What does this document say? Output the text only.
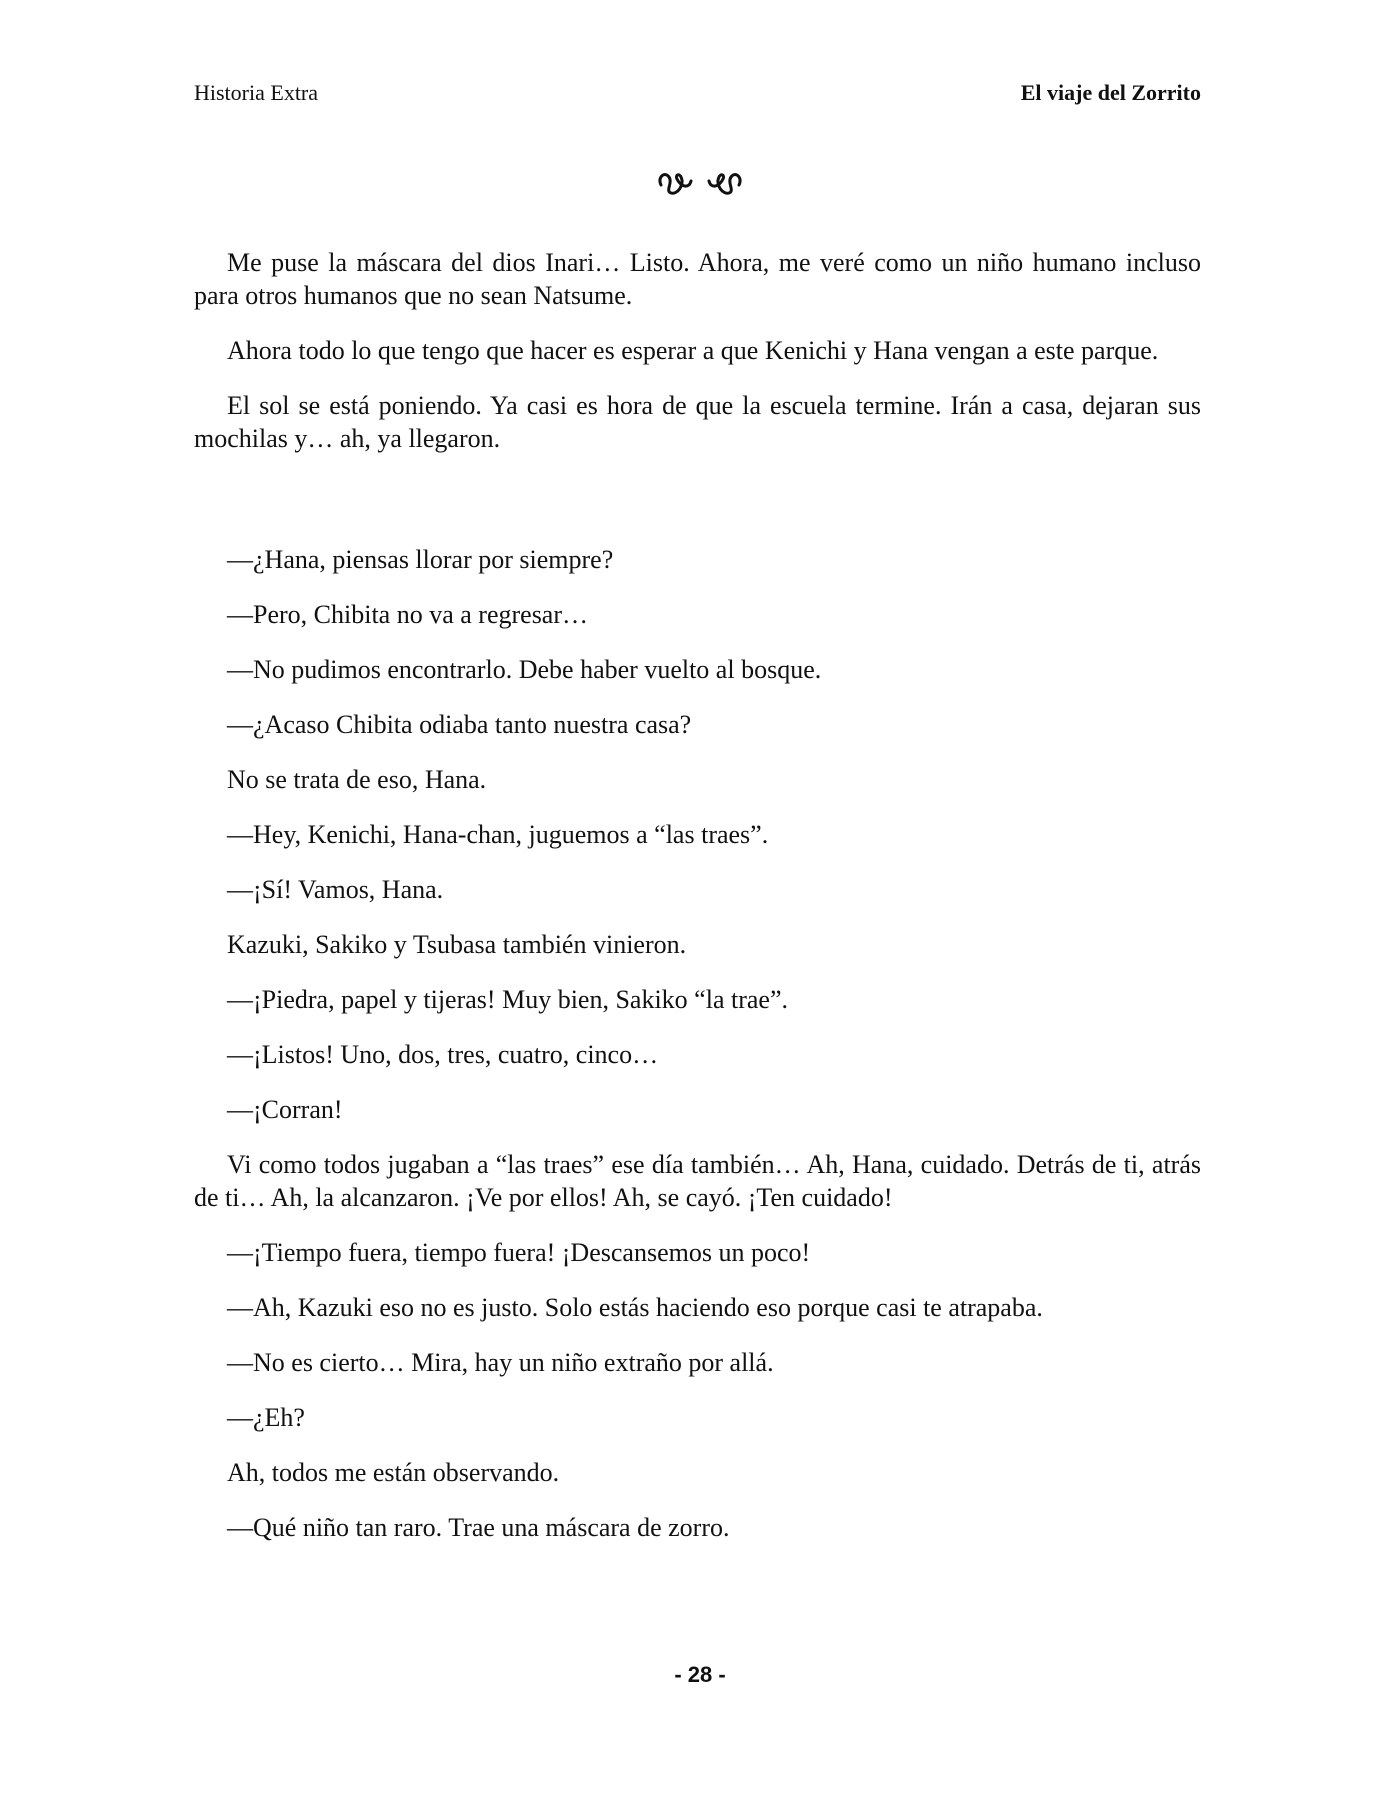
Historia Extra	El viaje del Zorrito

Me puse la máscara del dios Inari… Listo. Ahora, me veré como un niño humano incluso para otros humanos que no sean Natsume.

Ahora todo lo que tengo que hacer es esperar a que Kenichi y Hana vengan a este parque.

El sol se está poniendo. Ya casi es hora de que la escuela termine. Irán a casa, dejaran sus mochilas y… ah, ya llegaron.

—¿Hana, piensas llorar por siempre?

—Pero, Chibita no va a regresar…

—No pudimos encontrarlo. Debe haber vuelto al bosque.

—¿Acaso Chibita odiaba tanto nuestra casa?

No se trata de eso, Hana.

—Hey, Kenichi, Hana-chan, juguemos a “las traes”.

—¡Sí! Vamos, Hana.

Kazuki, Sakiko y Tsubasa también vinieron.

—¡Piedra, papel y tijeras! Muy bien, Sakiko “la trae”.

—¡Listos! Uno, dos, tres, cuatro, cinco…

—¡Corran!

Vi como todos jugaban a “las traes” ese día también… Ah, Hana, cuidado. Detrás de ti, atrás de ti… Ah, la alcanzaron. ¡Ve por ellos! Ah, se cayó. ¡Ten cuidado!

—¡Tiempo fuera, tiempo fuera! ¡Descansemos un poco!

—Ah, Kazuki eso no es justo. Solo estás haciendo eso porque casi te atrapaba.

—No es cierto… Mira, hay un niño extraño por allá.

—¿Eh?

Ah, todos me están observando.

—Qué niño tan raro. Trae una máscara de zorro.

- 28 -
